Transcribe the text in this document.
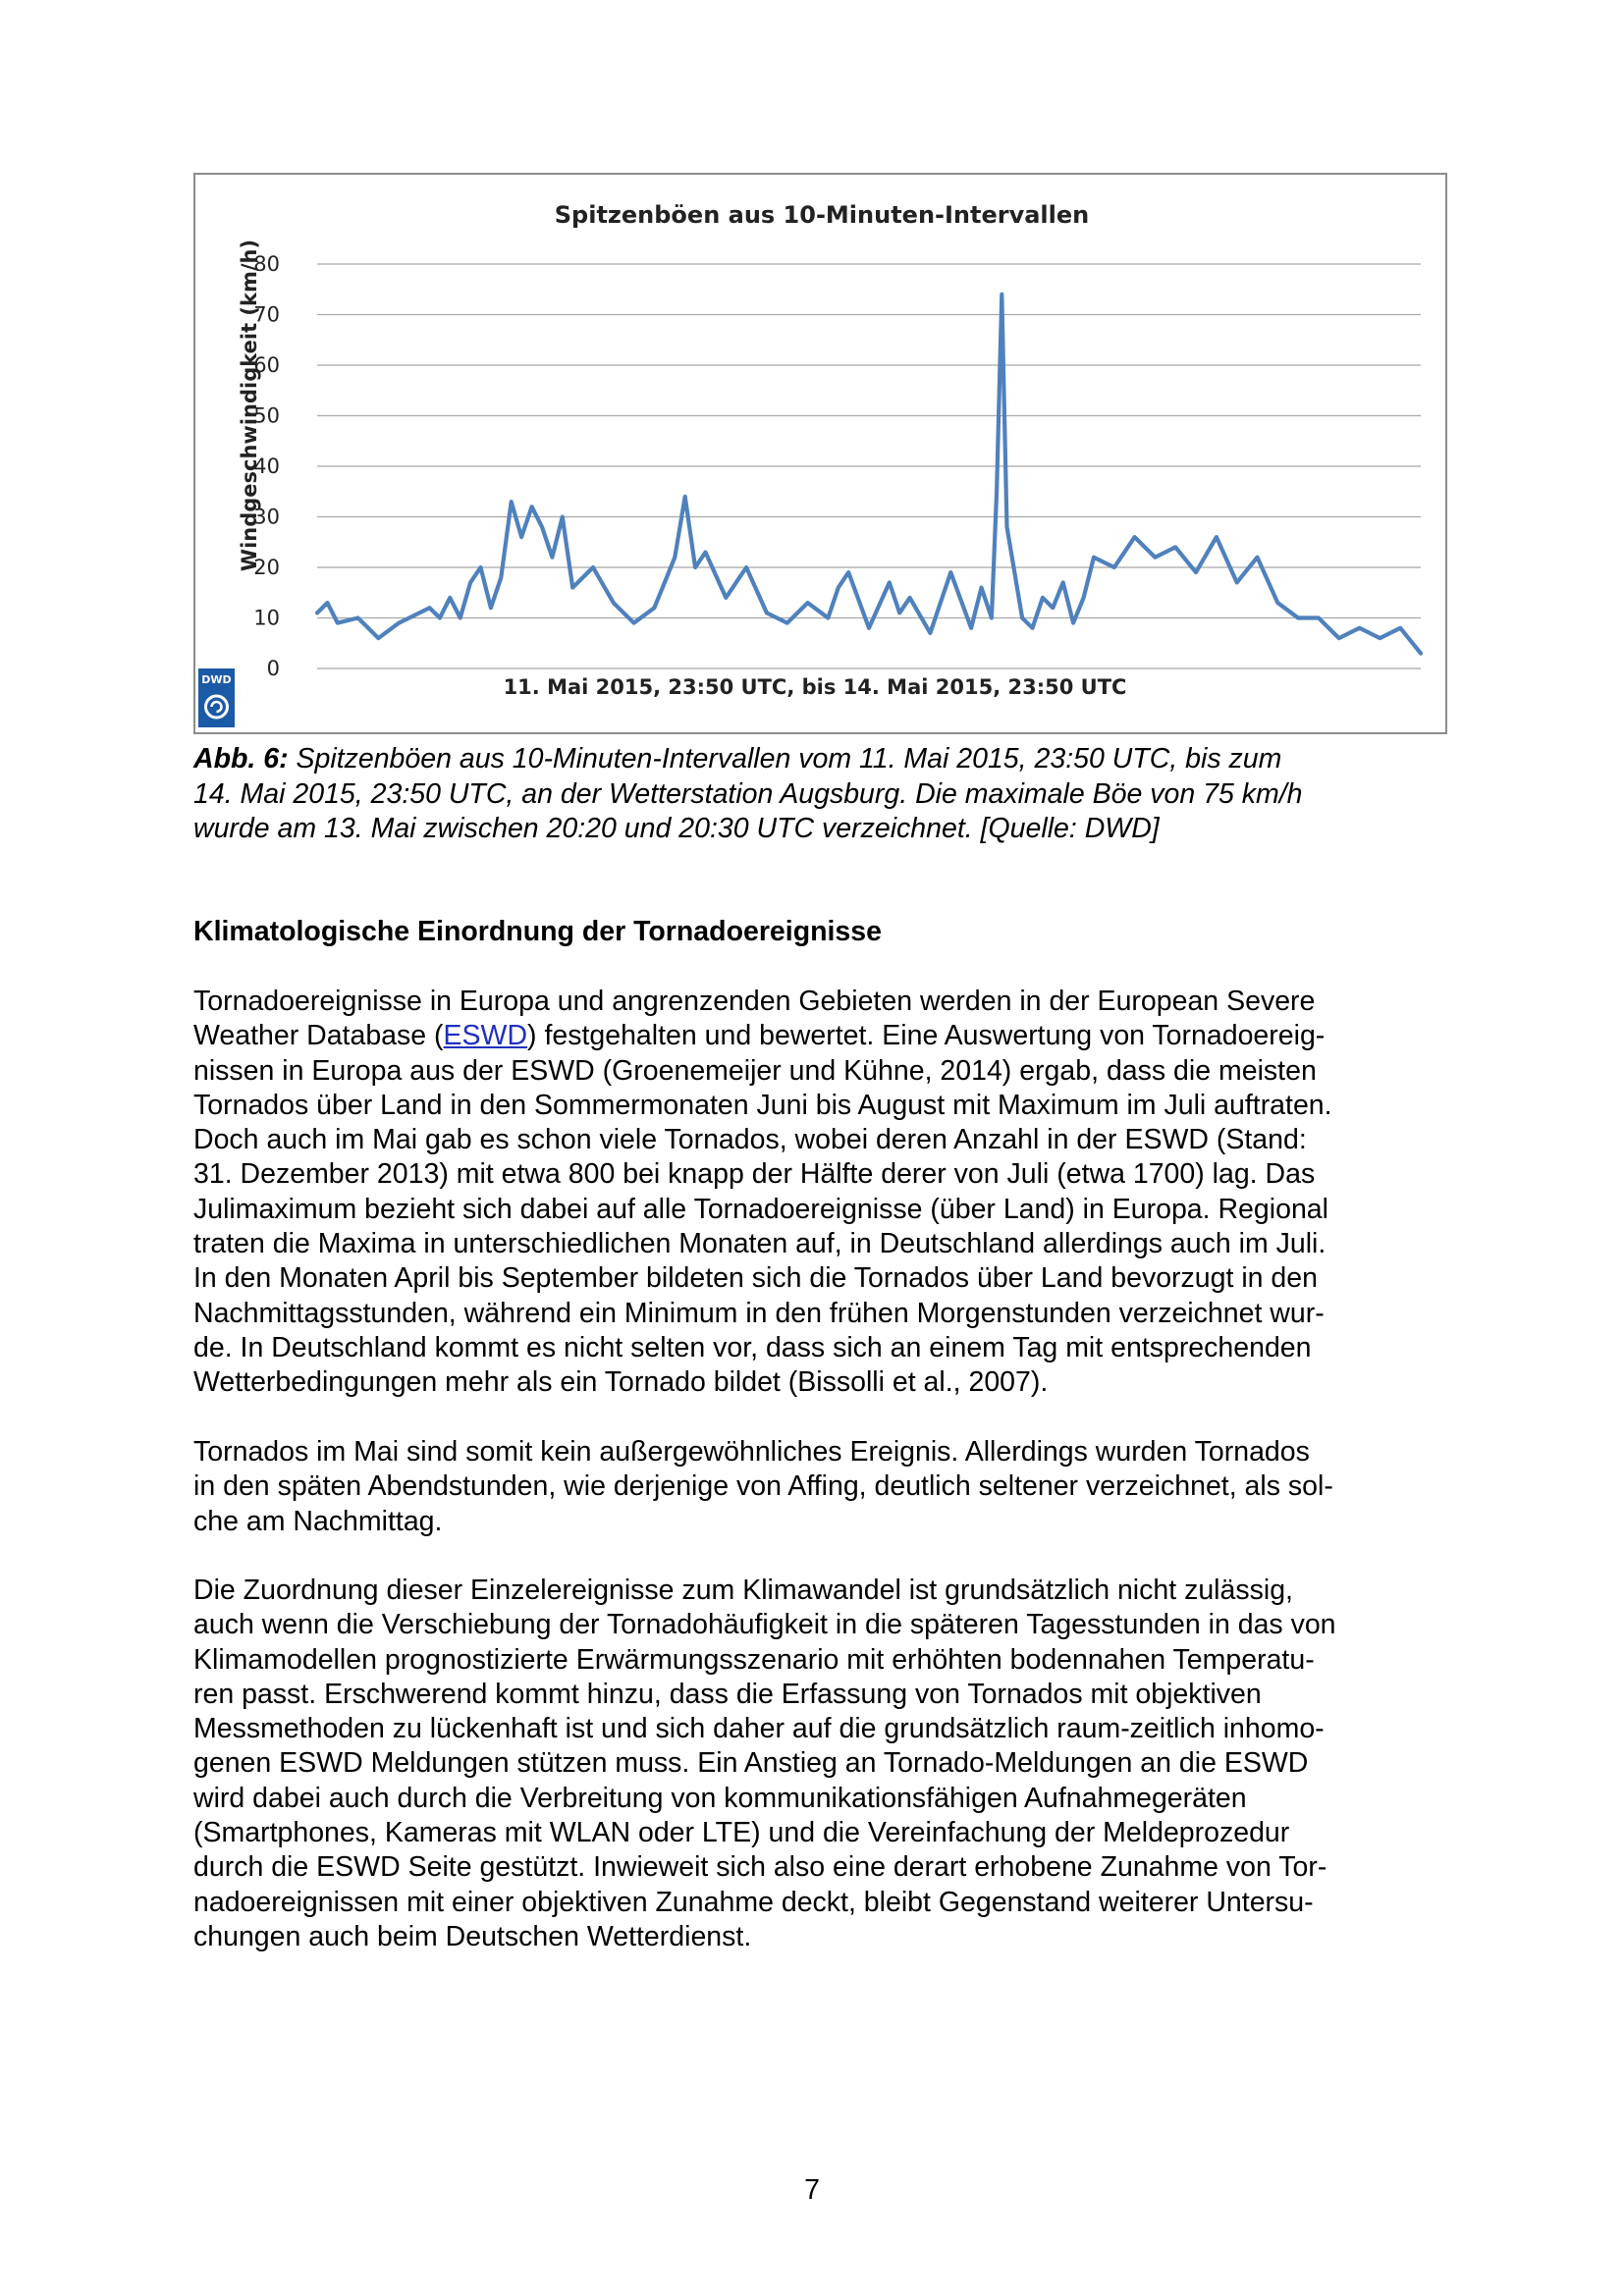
Spitzenböen aus 10-Minuten-Intervallen
0
10
20
30
40
50
60
70
80
Windgeschwindigkeit (km/h)
11. Mai 2015, 23:50 UTC, bis 14. Mai 2015, 23:50 UTC
DWD
Abb. 6: Spitzenböen aus 10-Minuten-Intervallen vom 11. Mai 2015, 23:50 UTC, bis zum
14. Mai 2015, 23:50 UTC, an der Wetterstation Augsburg. Die maximale Böe von 75 km/h
wurde am 13. Mai zwischen 20:20 und 20:30 UTC verzeichnet. [Quelle: DWD]
Klimatologische Einordnung der Tornadoereignisse

Tornadoereignisse in Europa und angrenzenden Gebieten werden in der European Severe
Weather Database (ESWD) festgehalten und bewertet. Eine Auswertung von Tornadoereig-
nissen in Europa aus der ESWD (Groenemeijer und Kühne, 2014) ergab, dass die meisten
Tornados über Land in den Sommermonaten Juni bis August mit Maximum im Juli auftraten.
Doch auch im Mai gab es schon viele Tornados, wobei deren Anzahl in der ESWD (Stand:
31. Dezember 2013) mit etwa 800 bei knapp der Hälfte derer von Juli (etwa 1700) lag. Das
Julimaximum bezieht sich dabei auf alle Tornadoereignisse (über Land) in Europa. Regional
traten die Maxima in unterschiedlichen Monaten auf, in Deutschland allerdings auch im Juli.
In den Monaten April bis September bildeten sich die Tornados über Land bevorzugt in den
Nachmittagsstunden, während ein Minimum in den frühen Morgenstunden verzeichnet wur-
de. In Deutschland kommt es nicht selten vor, dass sich an einem Tag mit entsprechenden
Wetterbedingungen mehr als ein Tornado bildet (Bissolli et al., 2007).

Tornados im Mai sind somit kein außergewöhnliches Ereignis. Allerdings wurden Tornados
in den späten Abendstunden, wie derjenige von Affing, deutlich seltener verzeichnet, als sol-
che am Nachmittag.

Die Zuordnung dieser Einzelereignisse zum Klimawandel ist grundsätzlich nicht zulässig,
auch wenn die Verschiebung der Tornadohäufigkeit in die späteren Tagesstunden in das von
Klimamodellen prognostizierte Erwärmungsszenario mit erhöhten bodennahen Temperatu-
ren passt. Erschwerend kommt hinzu, dass die Erfassung von Tornados mit objektiven
Messmethoden zu lückenhaft ist und sich daher auf die grundsätzlich raum-zeitlich inhomo-
genen ESWD Meldungen stützen muss. Ein Anstieg an Tornado-Meldungen an die ESWD
wird dabei auch durch die Verbreitung von kommunikationsfähigen Aufnahmegeräten
(Smartphones, Kameras mit WLAN oder LTE) und die Vereinfachung der Meldeprozedur
durch die ESWD Seite gestützt. Inwieweit sich also eine derart erhobene Zunahme von Tor-
nadoereignissen mit einer objektiven Zunahme deckt, bleibt Gegenstand weiterer Untersu-
chungen auch beim Deutschen Wetterdienst.

7
